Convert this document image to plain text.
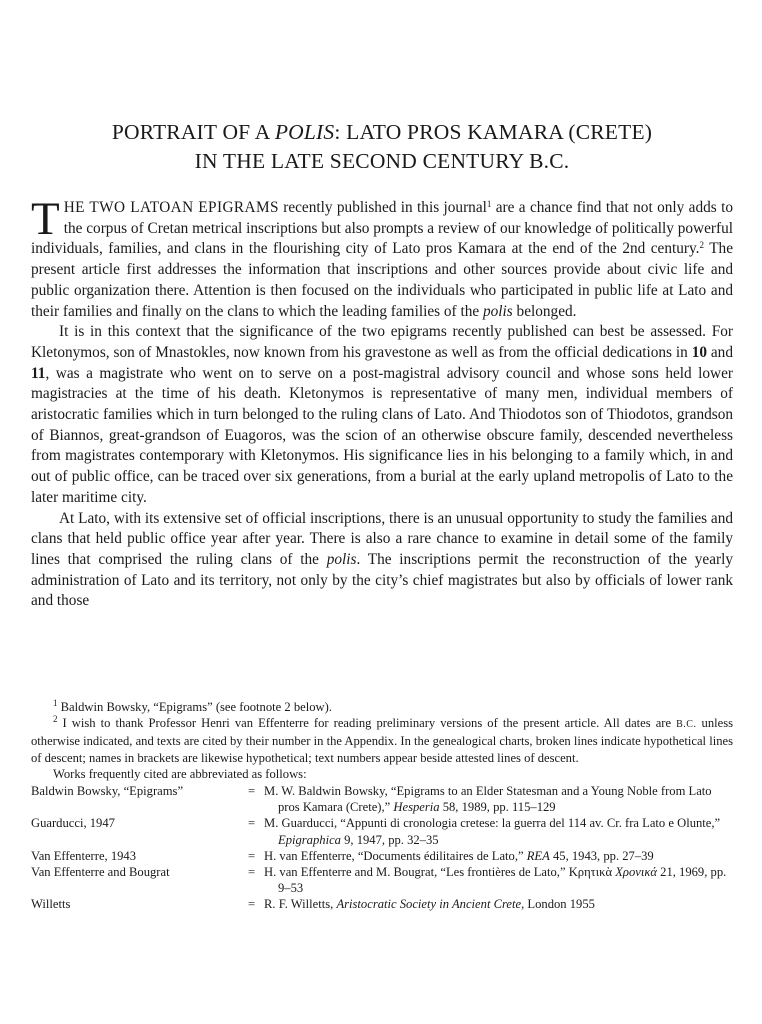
PORTRAIT OF A POLIS: LATO PROS KAMARA (CRETE)
IN THE LATE SECOND CENTURY B.C.

THE TWO LATOAN EPIGRAMS recently published in this journal$^1$ are a chance find that not only adds to the corpus of Cretan metrical inscriptions but also prompts a review of our knowledge of politically powerful individuals, families, and clans in the flourishing city of Lato pros Kamara at the end of the 2nd century.$^2$ The present article first addresses the information that inscriptions and other sources provide about civic life and public organization there. Attention is then focused on the individuals who participated in public life at Lato and their families and finally on the clans to which the leading families of the polis belonged.

It is in this context that the significance of the two epigrams recently published can best be assessed. For Kletonymos, son of Mnastokles, now known from his gravestone as well as from the official dedications in 10 and 11, was a magistrate who went on to serve on a post-magistral advisory council and whose sons held lower magistracies at the time of his death. Kletonymos is representative of many men, individual members of aristocratic families which in turn belonged to the ruling clans of Lato. And Thiodotos son of Thiodotos, grandson of Biannos, great-grandson of Euagoros, was the scion of an otherwise obscure family, descended nevertheless from magistrates contemporary with Kletonymos. His significance lies in his belonging to a family which, in and out of public office, can be traced over six generations, from a burial at the early upland metropolis of Lato to the later maritime city.

At Lato, with its extensive set of official inscriptions, there is an unusual opportunity to study the families and clans that held public office year after year. There is also a rare chance to examine in detail some of the family lines that comprised the ruling clans of the polis. The inscriptions permit the reconstruction of the yearly administration of Lato and its territory, not only by the city’s chief magistrates but also by officials of lower rank and those

$^1$ Baldwin Bowsky, “Epigrams” (see footnote 2 below).

$^2$ I wish to thank Professor Henri van Effenterre for reading preliminary versions of the present article. All dates are B.C. unless otherwise indicated, and texts are cited by their number in the Appendix. In the genealogical charts, broken lines indicate hypothetical lines of descent; names in brackets are likewise hypothetical; text numbers appear beside attested lines of descent.

Works frequently cited are abbreviated as follows:

Baldwin Bowsky, “Epigrams”	=	M. W. Baldwin Bowsky, “Epigrams to an Elder Statesman and a Young Noble from Lato pros Kamara (Crete),” Hesperia 58, 1989, pp. 115–129

Guarducci, 1947	=	M. Guarducci, “Appunti di cronologia cretese: la guerra del 114 av. Cr. fra Lato e Olunte,” Epigraphica 9, 1947, pp. 32–35

Van Effenterre, 1943	=	H. van Effenterre, “Documents édilitaires de Lato,” REA 45, 1943, pp. 27–39

Van Effenterre and Bougrat	=	H. van Effenterre and M. Bougrat, “Les frontières de Lato,” Κρητικὰ Χρονικά 21, 1969, pp. 9–53

Willetts	=	R. F. Willetts, Aristocratic Society in Ancient Crete, London 1955
